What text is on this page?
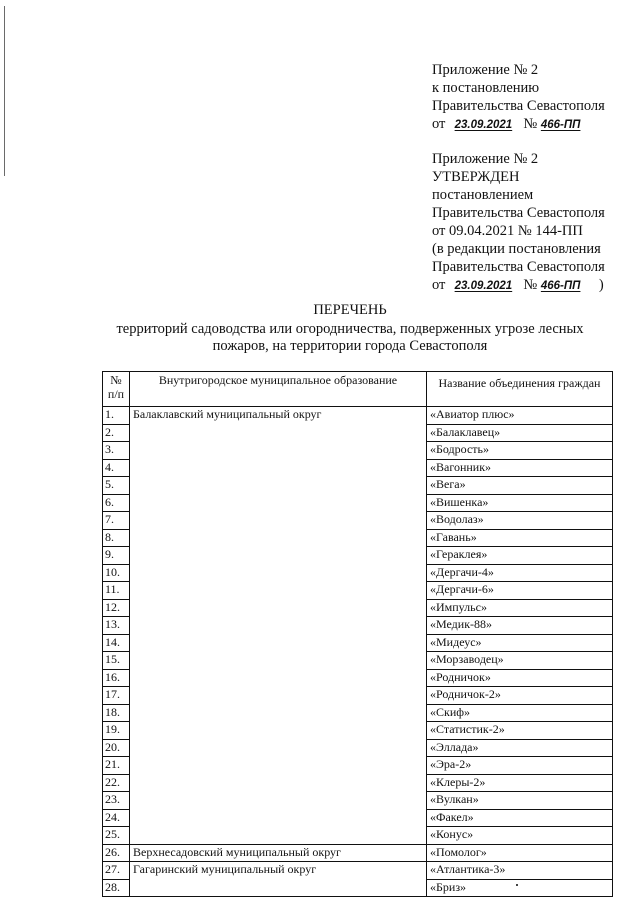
Приложение № 2
к постановлению
Правительства Севастополя
от 23.09.2021 № 466-ПП
Приложение № 2
УТВЕРЖДЕН
постановлением
Правительства Севастополя
от 09.04.2021 № 144-ПП
(в редакции постановления
Правительства Севастополя
от 23.09.2021 № 466-ПП )
ПЕРЕЧЕНЬ
территорий садоводства или огородничества, подверженных угрозе лесных пожаров, на территории города Севастополя
№ п/п	Внутригородское муниципальное образование	Название объединения граждан
1.	Балаклавский муниципальный округ	«Авиатор плюс»
2.		«Балаклавец»
3.		«Бодрость»
4.		«Вагонник»
5.		«Вега»
6.		«Вишенка»
7.		«Водолаз»
8.		«Гавань»
9.		«Гераклея»
10.		«Дергачи-4»
11.		«Дергачи-6»
12.		«Импульс»
13.		«Медик-88»
14.		«Мидеус»
15.		«Морзаводец»
16.		«Родничок»
17.		«Родничок-2»
18.		«Скиф»
19.		«Статистик-2»
20.		«Эллада»
21.		«Эра-2»
22.		«Клеры-2»
23.		«Вулкан»
24.		«Факел»
25.		«Конус»
26.	Верхнесадовский муниципальный округ	«Помолог»
27.	Гагаринский муниципальный округ	«Атлантика-3»
28.		«Бриз»
